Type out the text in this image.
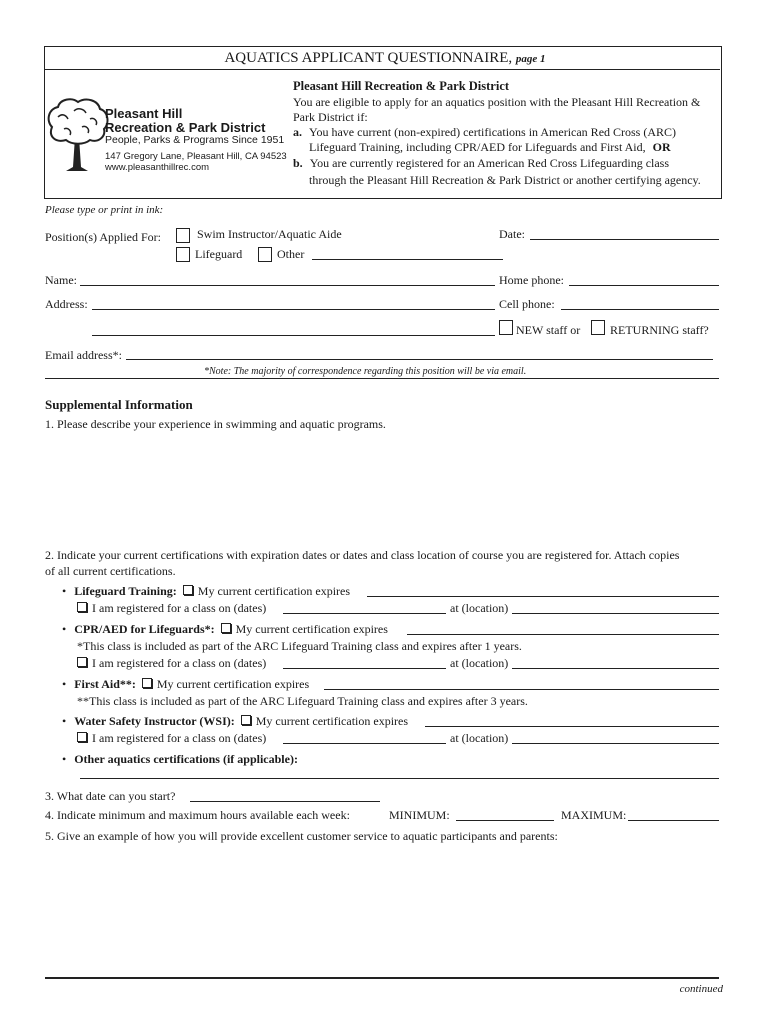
AQUATICS APPLICANT QUESTIONNAIRE, page 1
Pleasant Hill
Recreation & Park District
People, Parks & Programs Since 1951
147 Gregory Lane, Pleasant Hill, CA 94523
www.pleasanthillrec.com
Pleasant Hill Recreation & Park District
You are eligible to apply for an aquatics position with the Pleasant Hill Recreation &
Park District if:
a. You have current (non-expired) certifications in American Red Cross (ARC)
Lifeguard Training, including CPR/AED for Lifeguards and First Aid, OR
b. You are currently registered for an American Red Cross Lifeguarding class
through the Pleasant Hill Recreation & Park District or another certifying agency.
Please type or print in ink:
Position(s) Applied For:	Swim Instructor/Aquatic Aide	Date:
Lifeguard	Other
Name:	Home phone:
Address:	Cell phone:
NEW staff or RETURNING staff?
Email address*:
*Note: The majority of correspondence regarding this position will be via email.
Supplemental Information
1. Please describe your experience in swimming and aquatic programs.
2. Indicate your current certifications with expiration dates or dates and class location of course you are registered for. Attach copies
of all current certifications.
• Lifeguard Training: My current certification expires
I am registered for a class on (dates)	at (location)
• CPR/AED for Lifeguards*: My current certification expires
*This class is included as part of the ARC Lifeguard Training class and expires after 1 years.
I am registered for a class on (dates)	at (location)
• First Aid**: My current certification expires
**This class is included as part of the ARC Lifeguard Training class and expires after 3 years.
• Water Safety Instructor (WSI): My current certification expires
I am registered for a class on (dates)	at (location)
• Other aquatics certifications (if applicable):
3. What date can you start?
4. Indicate minimum and maximum hours available each week:	MINIMUM:	MAXIMUM:
5. Give an example of how you will provide excellent customer service to aquatic participants and parents:
continued
